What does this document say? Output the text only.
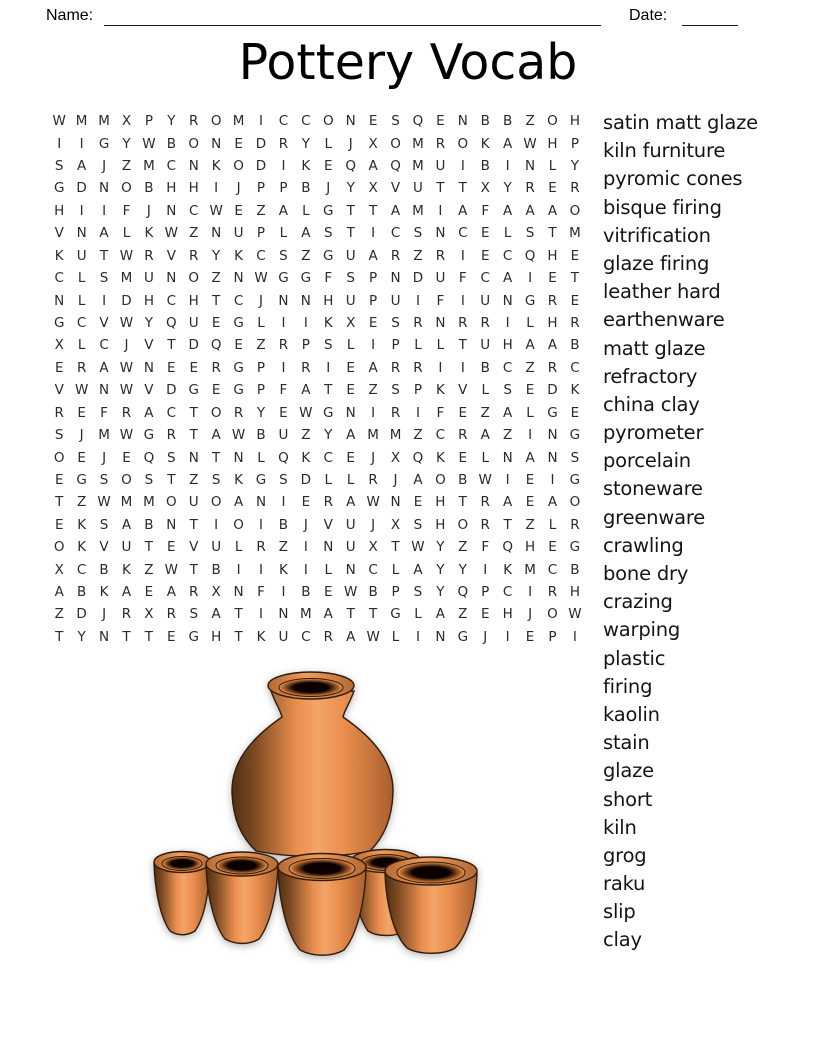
Name:	Date:
Pottery Vocab
W M M X	P	Y	R O M	I	C C O N E	S Q E N B B Z O H
I	I	G Y W B O N E D R	Y	L	J	X O M R O K A W H P
S	A	J	Z M C N K O D	I	K	E Q A Q M U	I	B	I	N	L	Y
G D N O B H H	I	J	P	P	B	J	Y	X V U T	T	X	Y	R E R
H	I	I	F	J	N C W E	Z A	L G T	T	A M	I	A	F	A A A O
V N A	L	K W Z N U P	L	A	S	T	I	C S N C E	L	S	T M
K U T W R V R	Y	K C S	Z G U A R Z R	I	E C Q H E
C	L	S M U N O Z N W G G F	S	P N D U	F	C A	I	E	T
N	L	I	D H C H T	C	J	N N H U P U	I	F	I	U N G R E
G C V W Y Q U E G L	I	I	K X	E	S R N R R	I	L	H R
X	L	C	J	V	T D Q E	Z R	P	S	L	I	P	L	L	T U H A A B
E R A W N E	E R G P	I	R	I	E	A R R	I	I	B C Z R C
V W N W V D G E G P	F	A	T	E	Z	S	P	K V	L	S	E D K
R E	F	R A C	T O R	Y	E W G N	I	R	I	F	E	Z A	L G E
S	J	M W G R	T	A W B U Z	Y	A M M Z C R A Z	I	N G
O E	J	E Q S N T N	L Q K C E	J	X Q K	E	L	N A N S
E G S O S	T	Z	S	K G S D L	L	R	J	A O B W	I	E	I	G
T	Z W M M O U O A N	I	E R A W N E H T	R A	E	A O
E	K	S	A B N T	I	O	I	B	J	V U	J	X	S H O R	T	Z	L	R
O K V U T	E	V U	L	R Z	I	N U X	T W Y	Z	F Q H E G
X C B K Z W T	B	I	I	K	I	L	N C	L	A	Y	Y	I	K M C B
A B K A	E	A R X N F	I	B	E W B	P	S	Y Q P	C	I	R H
Z D	J	R X R S	A	T	I	N M A	T	T G L	A Z	E H	J	O W
T	Y N T	T	E G H T	K U C R A W L	I	N G	J	I	E	P	I
satin matt glaze
kiln furniture
pyromic cones
bisque firing
vitrification
glaze firing
leather hard
earthenware
matt glaze
refractory
china clay
pyrometer
porcelain
stoneware
greenware
crawling
bone dry
crazing
warping
plastic
firing
kaolin
stain
glaze
short
kiln
grog
raku
slip
clay
